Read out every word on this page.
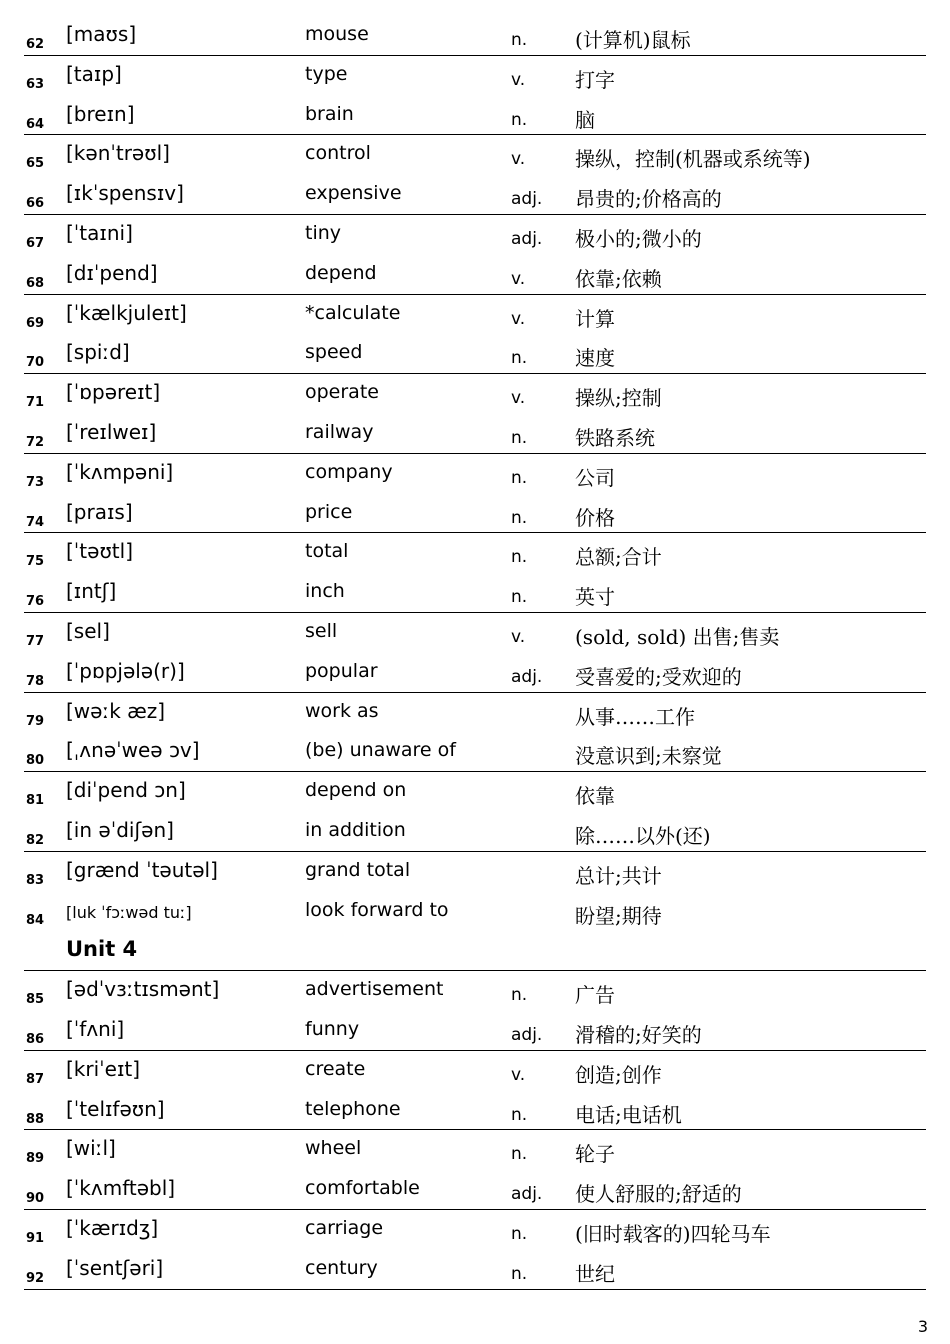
62 [maʊs]	mouse	n. (计算机)鼠标
63 [taɪp]	type	v. 打字
64 [breɪn]	brain	n. 脑
65 [kənˈtrəʊl]	control	v. 操纵，控制(机器或系统等)
66 [ɪkˈspensɪv]	expensive	adj. 昂贵的;价格高的
67 [ˈtaɪni]	tiny	adj. 极小的;微小的
68 [dɪˈpend]	depend	v. 依靠;依赖
69 [ˈkælkjuleɪt]	*calculate	v. 计算
70 [spiːd]	speed	n. 速度
71 [ˈɒpəreɪt]	operate	v. 操纵;控制
72 [ˈreɪlweɪ]	railway	n. 铁路系统
73 [ˈkʌmpəni]	company	n. 公司
74 [praɪs]	price	n. 价格
75 [ˈtəʊtl]	total	n. 总额;合计
76 [ɪntʃ]	inch	n. 英寸
77 [sel]	sell	v. (sold, sold) 出售;售卖
78 [ˈpɒpjələ(r)]	popular	adj. 受喜爱的;受欢迎的
79 [wəːk æz]	work as	从事……工作
80 [ˌʌnəˈweə ɔv]	(be) unaware of	没意识到;未察觉
81 [diˈpend ɔn]	depend on	依靠
82 [in əˈdiʃən]	in addition	除……以外(还)
83 [grænd ˈtəutəl]	grand total	总计;共计
84 [luk ˈfɔːwəd tuː]	look forward to	盼望;期待
Unit 4
85 [ədˈvɜːtɪsmənt]	advertisement	n. 广告
86 [ˈfʌni]	funny	adj. 滑稽的;好笑的
87 [kriˈeɪt]	create	v. 创造;创作
88 [ˈtelɪfəʊn]	telephone	n. 电话;电话机
89 [wiːl]	wheel	n. 轮子
90 [ˈkʌmftəbl]	comfortable	adj. 使人舒服的;舒适的
91 [ˈkærɪdʒ]	carriage	n. (旧时载客的)四轮马车
92 [ˈsentʃəri]	century	n. 世纪
3
